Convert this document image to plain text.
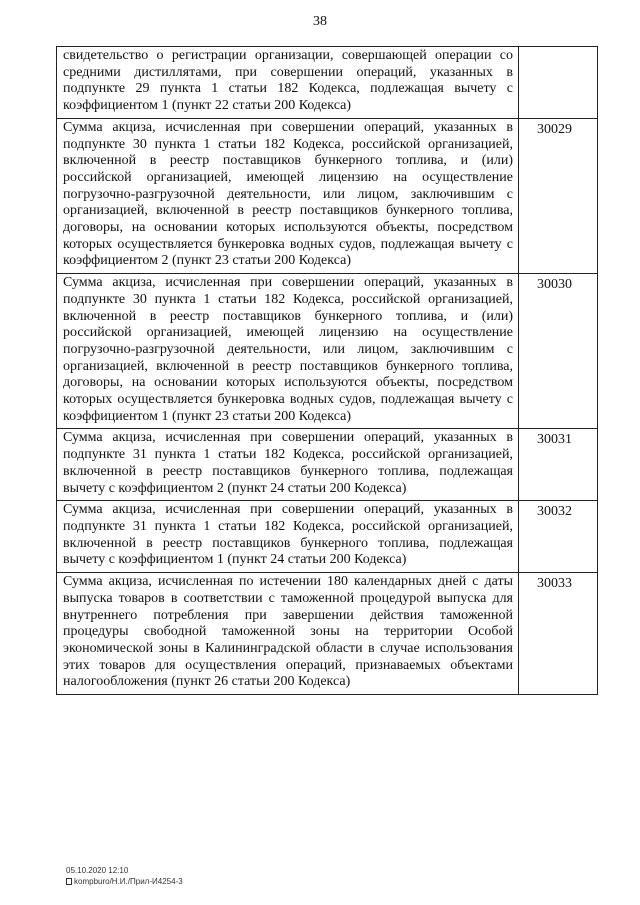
38
свидетельство о регистрации организации, совершающей операции со средними дистиллятами, при совершении операций, указанных в подпункте 29 пункта 1 статьи 182 Кодекса, подлежащая вычету с коэффициентом 1 (пункт 22 статьи 200 Кодекса)	
Сумма акциза, исчисленная при совершении операций, указанных в подпункте 30 пункта 1 статьи 182 Кодекса, российской организацией, включенной в реестр поставщиков бункерного топлива, и (или) российской организацией, имеющей лицензию на осуществление погрузочно-разгрузочной деятельности, или лицом, заключившим с организацией, включенной в реестр поставщиков бункерного топлива, договоры, на основании которых используются объекты, посредством которых осуществляется бункеровка водных судов, подлежащая вычету с коэффициентом 2 (пункт 23 статьи 200 Кодекса)	30029
Сумма акциза, исчисленная при совершении операций, указанных в подпункте 30 пункта 1 статьи 182 Кодекса, российской организацией, включенной в реестр поставщиков бункерного топлива, и (или) российской организацией, имеющей лицензию на осуществление погрузочно-разгрузочной деятельности, или лицом, заключившим с организацией, включенной в реестр поставщиков бункерного топлива, договоры, на основании которых используются объекты, посредством которых осуществляется бункеровка водных судов, подлежащая вычету с коэффициентом 1 (пункт 23 статьи 200 Кодекса)	30030
Сумма акциза, исчисленная при совершении операций, указанных в подпункте 31 пункта 1 статьи 182 Кодекса, российской организацией, включенной в реестр поставщиков бункерного топлива, подлежащая вычету с коэффициентом 2 (пункт 24 статьи 200 Кодекса)	30031
Сумма акциза, исчисленная при совершении операций, указанных в подпункте 31 пункта 1 статьи 182 Кодекса, российской организацией, включенной в реестр поставщиков бункерного топлива, подлежащая вычету с коэффициентом 1 (пункт 24 статьи 200 Кодекса)	30032
Сумма акциза, исчисленная по истечении 180 календарных дней с даты выпуска товаров в соответствии с таможенной процедурой выпуска для внутреннего потребления при завершении действия таможенной процедуры свободной таможенной зоны на территории Особой экономической зоны в Калининградской области в случае использования этих товаров для осуществления операций, признаваемых объектами налогообложения (пункт 26 статьи 200 Кодекса)	30033
05.10.2020 12:10
kompburo/Н.И./Прил-И4254-3
